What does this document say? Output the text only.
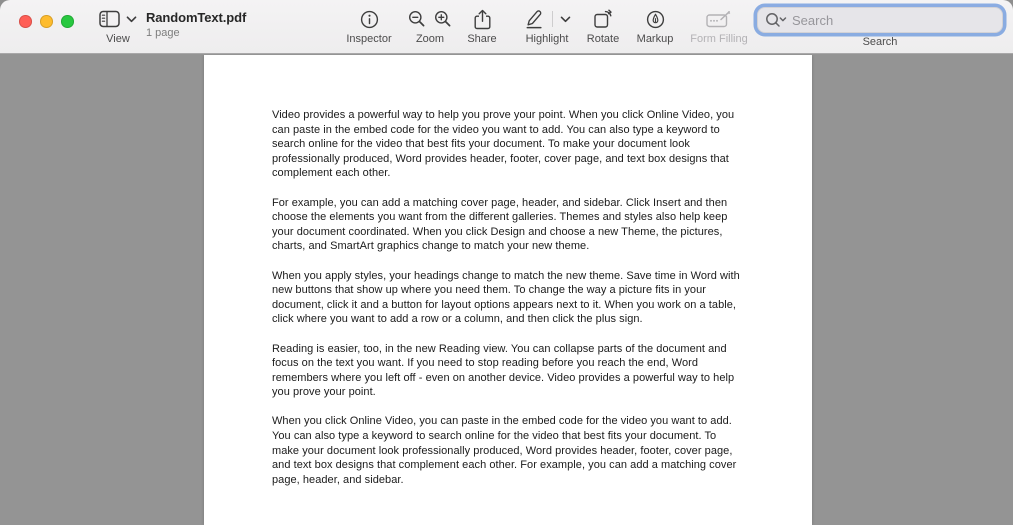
View
RandomText.pdf
1 page	Inspector Zoom Share	Highlight Rotate Markup Form Filling
Search	Search

Video provides a powerful way to help you prove your point. When you click Online Video, you can paste in the embed code for the video you want to add. You can also type a keyword to search online for the video that best fits your document. To make your document look professionally produced, Word provides header, footer, cover page, and text box designs that complement each other.

For example, you can add a matching cover page, header, and sidebar. Click Insert and then choose the elements you want from the different galleries. Themes and styles also help keep your document coordinated. When you click Design and choose a new Theme, the pictures, charts, and SmartArt graphics change to match your new theme.

When you apply styles, your headings change to match the new theme. Save time in Word with new buttons that show up where you need them. To change the way a picture fits in your document, click it and a button for layout options appears next to it. When you work on a table, click where you want to add a row or a column, and then click the plus sign.

Reading is easier, too, in the new Reading view. You can collapse parts of the document and focus on the text you want. If you need to stop reading before you reach the end, Word remembers where you left off - even on another device. Video provides a powerful way to help you prove your point.

When you click Online Video, you can paste in the embed code for the video you want to add. You can also type a keyword to search online for the video that best fits your document. To make your document look professionally produced, Word provides header, footer, cover page, and text box designs that complement each other. For example, you can add a matching cover page, header, and sidebar.
